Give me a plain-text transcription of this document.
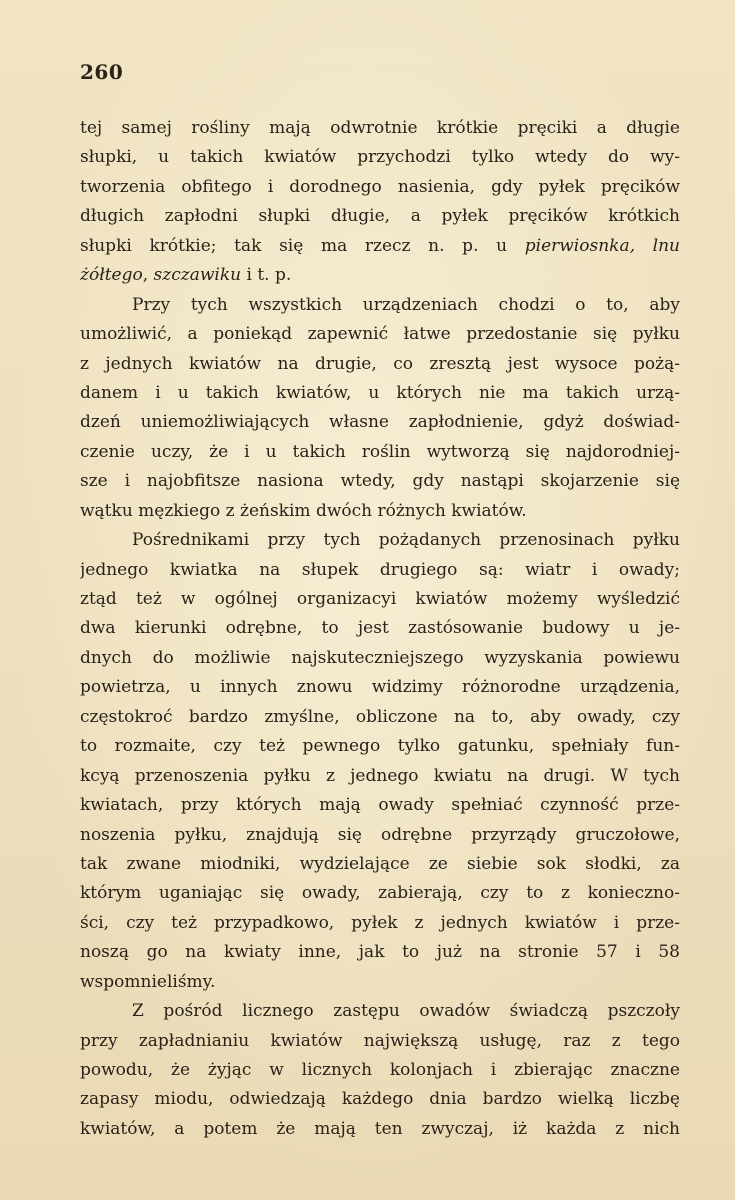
260
tej samej rośliny mają odwrotnie krótkie pręciki a długie
słupki, u takich kwiatów przychodzi tylko wtedy do wy-
tworzenia obfitego i dorodnego nasienia, gdy pyłek pręcików
długich zapłodni słupki długie, a pyłek pręcików krótkich
słupki krótkie; tak się ma rzecz n. p. u pierwiosnka, lnu
żółtego, szczawiku i t. p.
Przy tych wszystkich urządzeniach chodzi o to, aby
umożliwić, a poniekąd zapewnić łatwe przedostanie się pyłku
z jednych kwiatów na drugie, co zresztą jest wysoce pożą-
danem i u takich kwiatów, u których nie ma takich urzą-
dzeń uniemożliwiających własne zapłodnienie, gdyż doświad-
czenie uczy, że i u takich roślin wytworzą się najdorodniej-
sze i najobfitsze nasiona wtedy, gdy nastąpi skojarzenie się
wątku męzkiego z żeńskim dwóch różnych kwiatów.
Pośrednikami przy tych pożądanych przenosinach pyłku
jednego kwiatka na słupek drugiego są: wiatr i owady;
ztąd też w ogólnej organizacyi kwiatów możemy wyśledzić
dwa kierunki odrębne, to jest zastósowanie budowy u je-
dnych do możliwie najskuteczniejszego wyzyskania powiewu
powietrza, u innych znowu widzimy różnorodne urządzenia,
częstokroć bardzo zmyślne, obliczone na to, aby owady, czy
to rozmaite, czy też pewnego tylko gatunku, spełniały fun-
kcyą przenoszenia pyłku z jednego kwiatu na drugi. W tych
kwiatach, przy których mają owady spełniać czynność prze-
noszenia pyłku, znajdują się odrębne przyrządy gruczołowe,
tak zwane miodniki, wydzielające ze siebie sok słodki, za
którym uganiając się owady, zabierają, czy to z konieczno-
ści, czy też przypadkowo, pyłek z jednych kwiatów i prze-
noszą go na kwiaty inne, jak to już na stronie 57 i 58
wspomnieliśmy.
Z pośród licznego zastępu owadów świadczą pszczoły
przy zapładnianiu kwiatów największą usługę, raz z tego
powodu, że żyjąc w licznych kolonjach i zbierając znaczne
zapasy miodu, odwiedzają każdego dnia bardzo wielką liczbę
kwiatów, a potem że mają ten zwyczaj, iż każda z nich
